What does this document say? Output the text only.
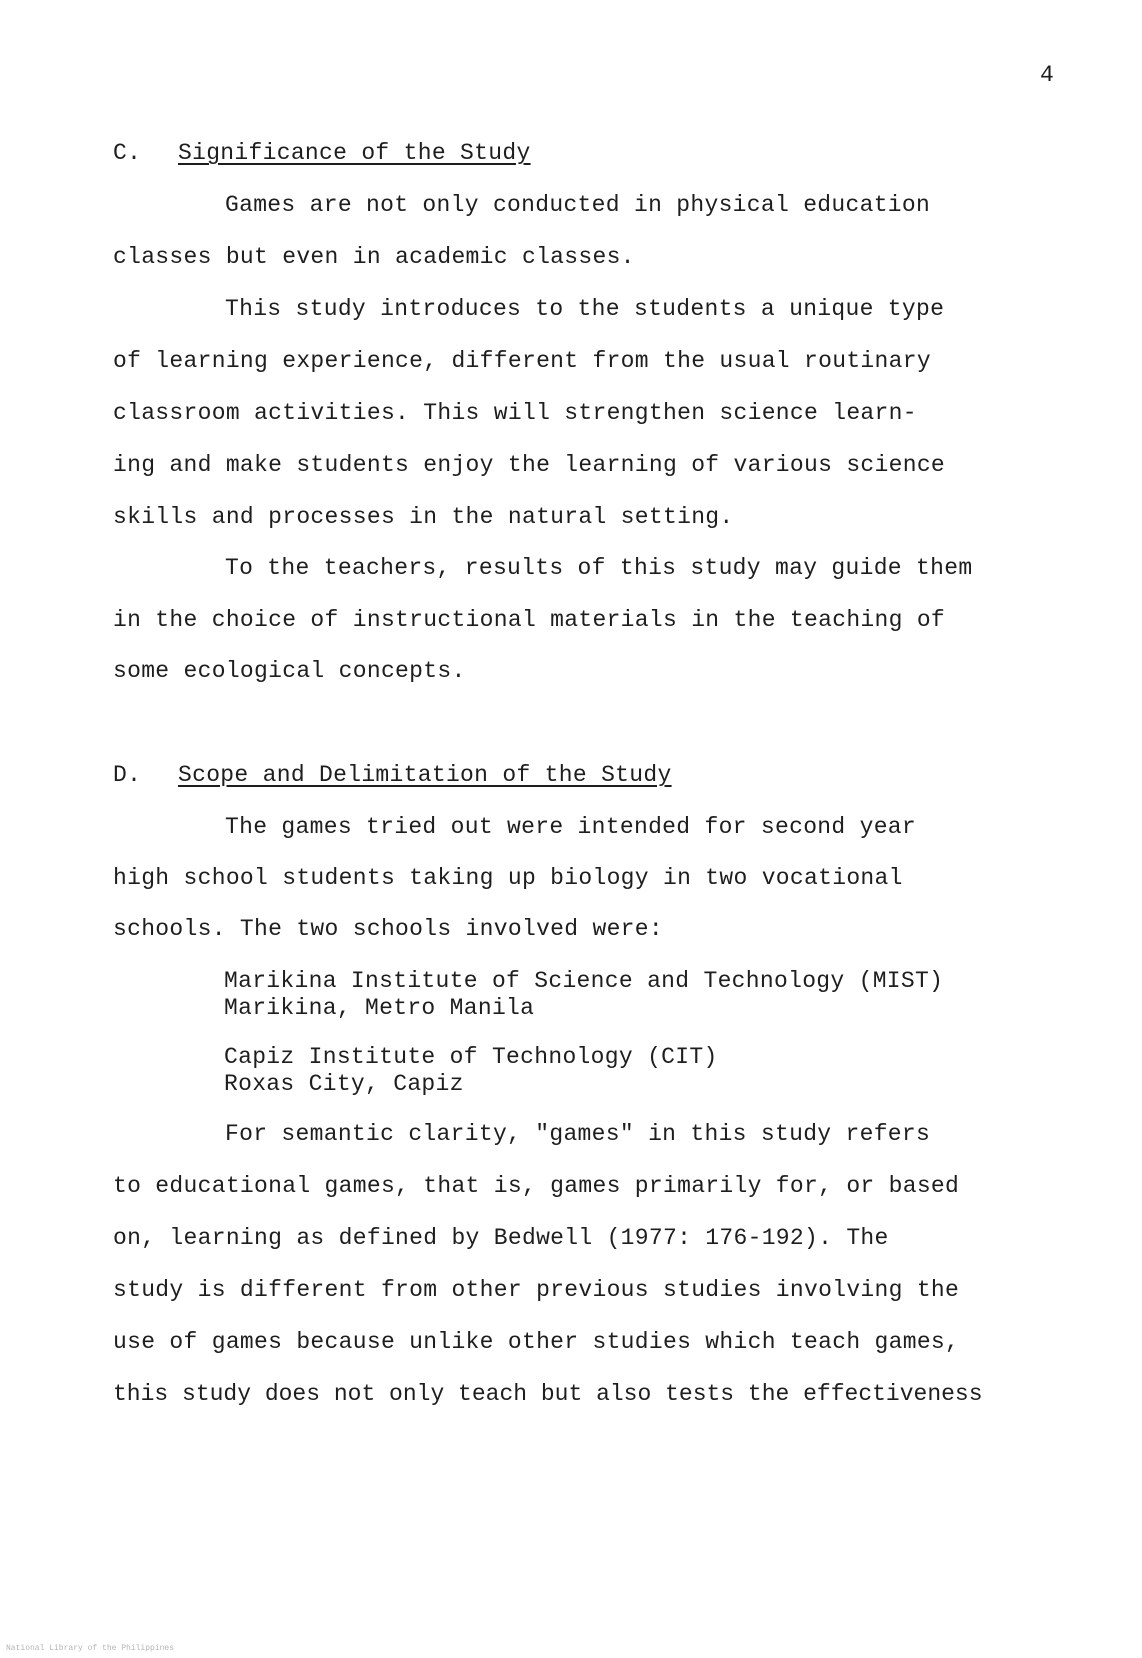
4
C. Significance of the Study
Games are not only conducted in physical education
classes but even in academic classes.
This study introduces to the students a unique type
of learning experience, different from the usual routinary
classroom activities. This will strengthen science learn-
ing and make students enjoy the learning of various science
skills and processes in the natural setting.
To the teachers, results of this study may guide them
in the choice of instructional materials in the teaching of
some ecological concepts.
D. Scope and Delimitation of the Study
The games tried out were intended for second year
high school students taking up biology in two vocational
schools. The two schools involved were:
Marikina Institute of Science and Technology (MIST)
Marikina, Metro Manila
Capiz Institute of Technology (CIT)
Roxas City, Capiz
For semantic clarity, "games" in this study refers
to educational games, that is, games primarily for, or based
on, learning as defined by Bedwell (1977: 176-192). The
study is different from other previous studies involving the
use of games because unlike other studies which teach games,
this study does not only teach but also tests the effectiveness
National Library of the Philippines
